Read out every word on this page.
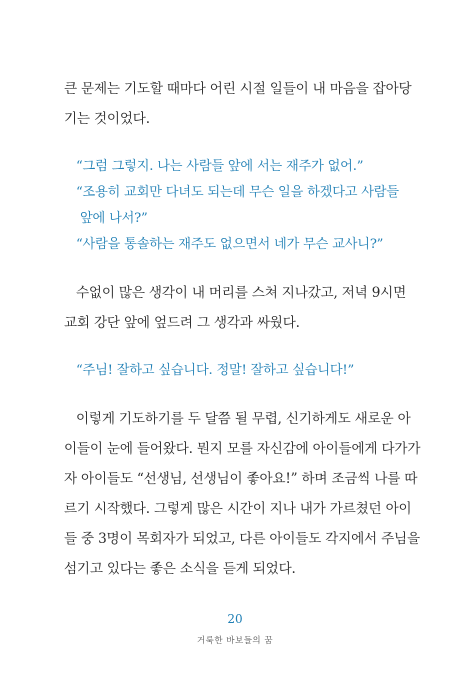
큰 문제는 기도할 때마다 어린 시절 일들이 내 마음을 잡아당
기는 것이었다.
“그럼 그렇지. 나는 사람들 앞에 서는 재주가 없어.”
“조용히 교회만 다녀도 되는데 무슨 일을 하겠다고 사람들
앞에 나서?”
“사람을 통솔하는 재주도 없으면서 네가 무슨 교사니?”
수없이 많은 생각이 내 머리를 스쳐 지나갔고, 저녁 9시면
교회 강단 앞에 엎드려 그 생각과 싸웠다.
“주님! 잘하고 싶습니다. 정말! 잘하고 싶습니다!”
이렇게 기도하기를 두 달쯤 될 무렵, 신기하게도 새로운 아
이들이 눈에 들어왔다. 뭔지 모를 자신감에 아이들에게 다가가
자 아이들도 “선생님, 선생님이 좋아요!” 하며 조금씩 나를 따
르기 시작했다. 그렇게 많은 시간이 지나 내가 가르쳤던 아이
들 중 3명이 목회자가 되었고, 다른 아이들도 각지에서 주님을
섬기고 있다는 좋은 소식을 듣게 되었다.
20
거룩한 바보들의 꿈
